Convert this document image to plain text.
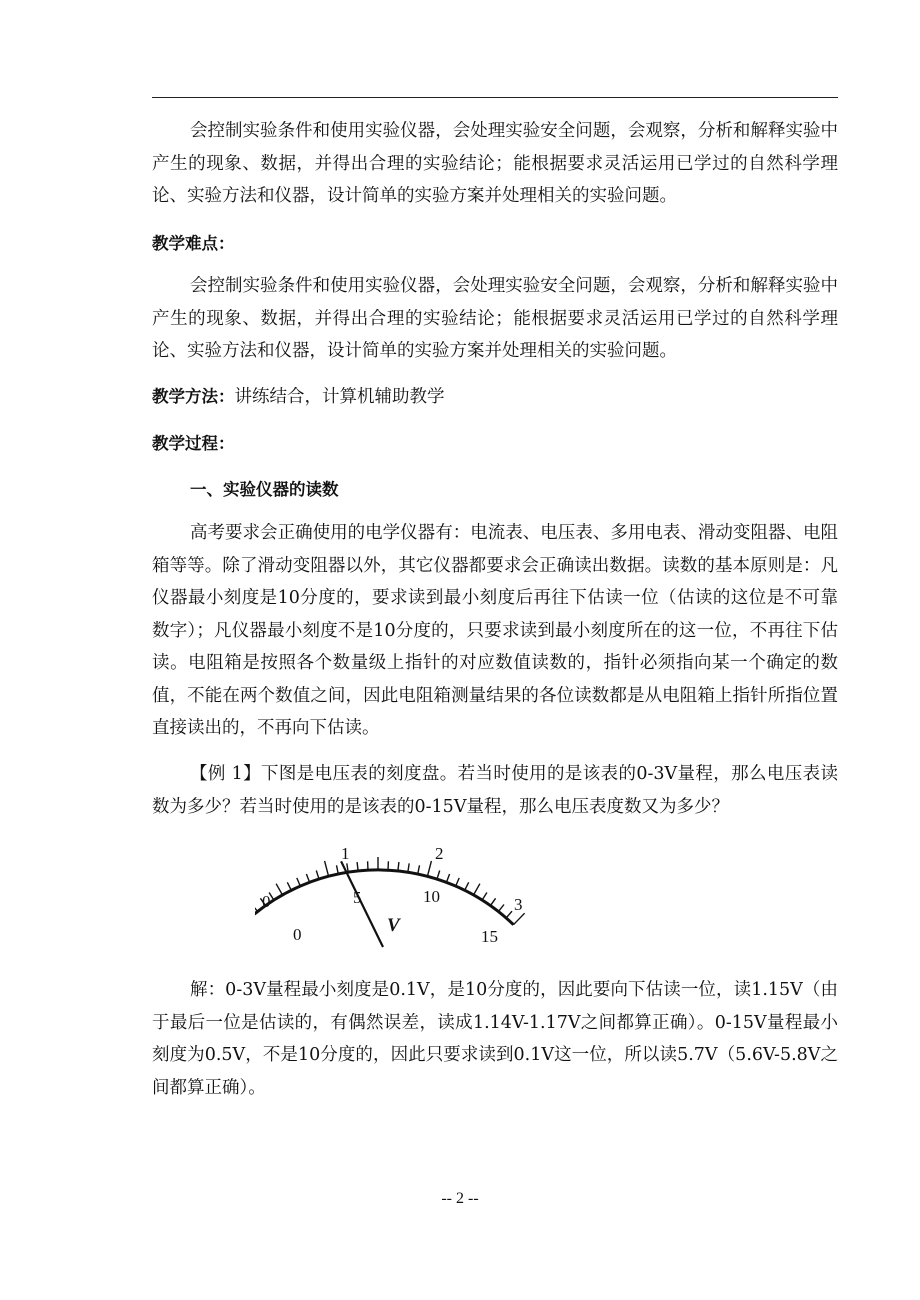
会控制实验条件和使用实验仪器，会处理实验安全问题，会观察，分析和解释实验中产生的现象、数据，并得出合理的实验结论；能根据要求灵活运用已学过的自然科学理论、实验方法和仪器，设计简单的实验方案并处理相关的实验问题。

教学难点：

会控制实验条件和使用实验仪器，会处理实验安全问题，会观察，分析和解释实验中产生的现象、数据，并得出合理的实验结论；能根据要求灵活运用已学过的自然科学理论、实验方法和仪器，设计简单的实验方案并处理相关的实验问题。

教学方法：讲练结合，计算机辅助教学

教学过程：

一、实验仪器的读数

高考要求会正确使用的电学仪器有：电流表、电压表、多用电表、滑动变阻器、电阻箱等等。除了滑动变阻器以外，其它仪器都要求会正确读出数据。读数的基本原则是：凡仪器最小刻度是10分度的，要求读到最小刻度后再往下估读一位（估读的这位是不可靠数字）；凡仪器最小刻度不是10分度的，只要求读到最小刻度所在的这一位，不再往下估读。电阻箱是按照各个数量级上指针的对应数值读数的，指针必须指向某一个确定的数值，不能在两个数值之间，因此电阻箱测量结果的各位读数都是从电阻箱上指针所指位置直接读出的，不再向下估读。

【例 1】下图是电压表的刻度盘。若当时使用的是该表的0-3V量程，那么电压表读数为多少？若当时使用的是该表的0-15V量程，那么电压表度数又为多少？

0
1	2
3
0
5	10
15
V

解：0-3V量程最小刻度是0.1V，是10分度的，因此要向下估读一位，读1.15V（由于最后一位是估读的，有偶然误差，读成1.14V-1.17V之间都算正确）。0-15V量程最小刻度为0.5V，不是10分度的，因此只要求读到0.1V这一位，所以读5.7V（5.6V-5.8V之间都算正确）。

-- 2 --
